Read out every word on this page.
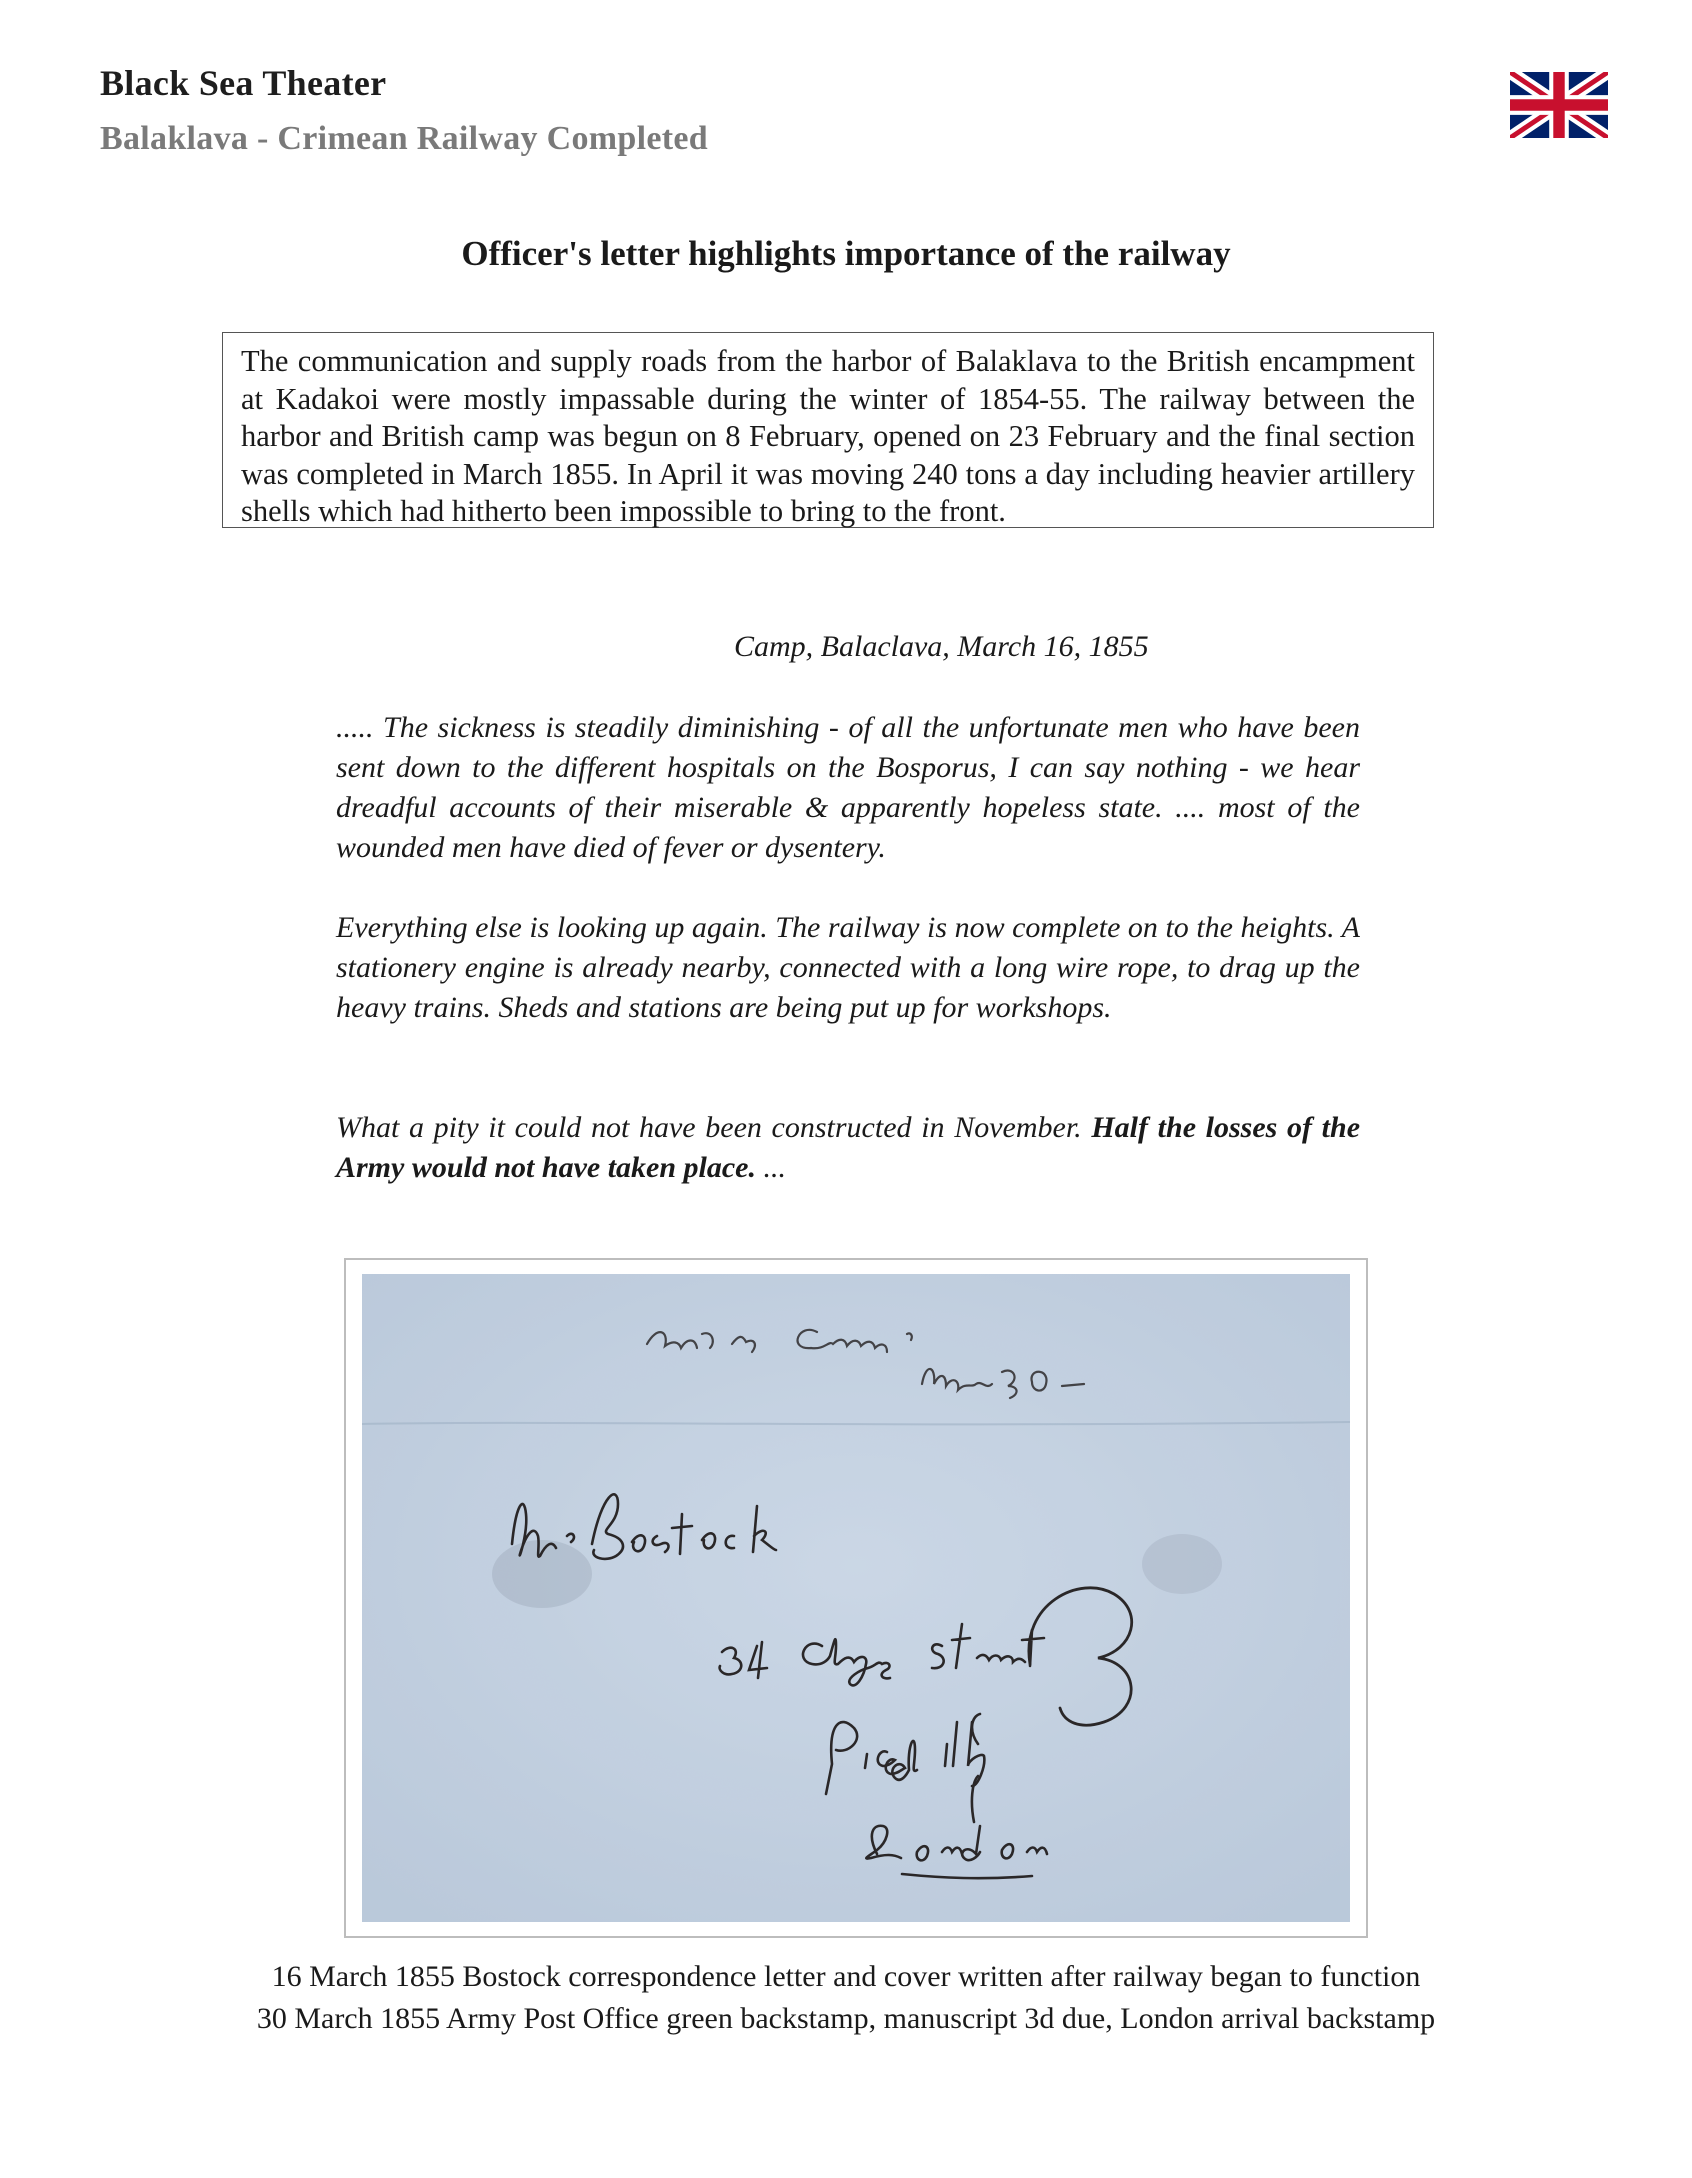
Black Sea Theater
Balaklava - Crimean Railway Completed
Officer's letter highlights importance of the railway
The communication and supply roads from the harbor of Balaklava to the British encampment at Kadakoi were mostly impassable during the winter of 1854-55. The railway between the harbor and British camp was begun on 8 February, opened on 23 February and the final section was completed in March 1855. In April it was moving 240 tons a day including heavier artillery shells which had hitherto been impossible to bring to the front.
Camp, Balaclava, March 16, 1855
..... The sickness is steadily diminishing - of all the unfortunate men who have been sent down to the different hospitals on the Bosporus, I can say nothing - we hear dreadful accounts of their miserable & apparently hopeless state. .... most of the wounded men have died of fever or dysentery.
Everything else is looking up again. The railway is now complete on to the heights. A stationery engine is already nearby, connected with a long wire rope, to drag up the heavy trains. Sheds and stations are being put up for workshops.
What a pity it could not have been constructed in November. Half the losses of the Army would not have taken place. ...
16 March 1855 Bostock correspondence letter and cover written after railway began to function
30 March 1855 Army Post Office green backstamp, manuscript 3d due, London arrival backstamp
